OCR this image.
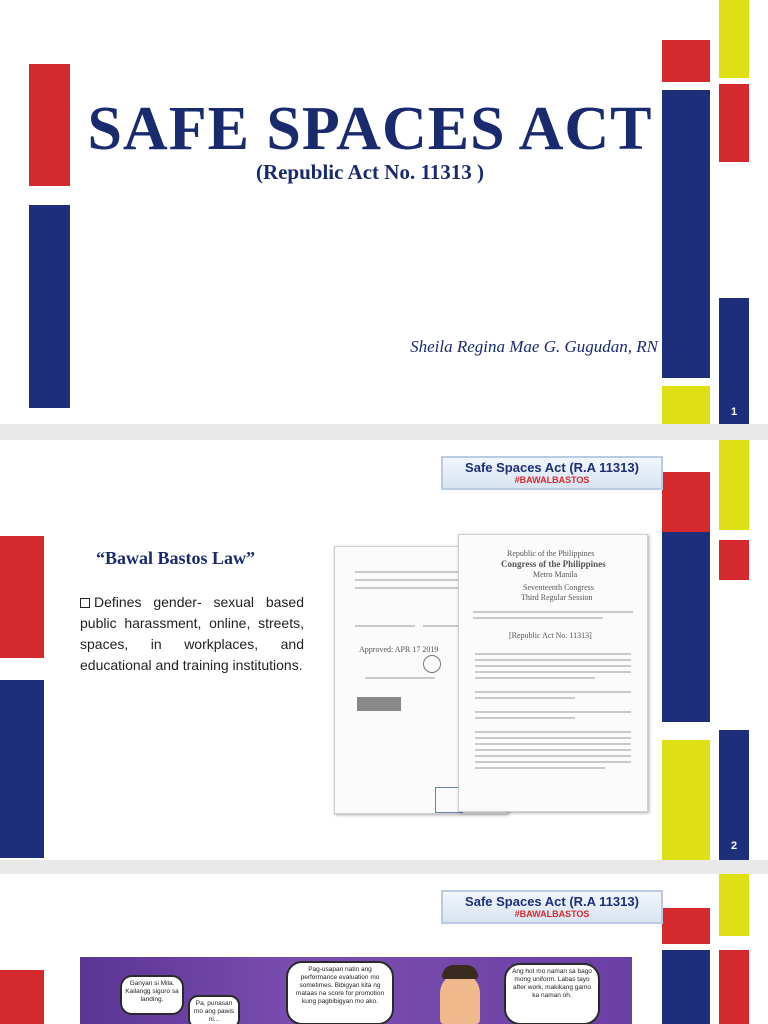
SAFE SPACES ACT
(Republic Act No. 11313 )
Sheila Regina Mae G. Gugudan, RN
1
Safe Spaces Act (R.A 11313)
#BAWALBASTOS
“Bawal Bastos Law”
Defines gender- sexual based public harassment, online, streets, spaces, in workplaces, and educational and training institutions.
Approved: APR 17 2019
Republic of the Philippines
Congress of the Philippines
Metro Manila
Seventeenth Congress
Third Regular Session
[Republic Act No. 11313]
2
Safe Spaces Act (R.A 11313)
#BAWALBASTOS
Ganyan si Mila. Kailangg siguro sa landing.
Pa, punasan mo ang pawis ni...
Pag-usapan natin ang performance evaluation mo sometimes. Bibigyan kita ng mataas na score for promotion kung pagbibigyan mo ako.
Ang hot mo naman sa bago mong uniform. Labas tayo after work, makikang gamo ka naman oh.
